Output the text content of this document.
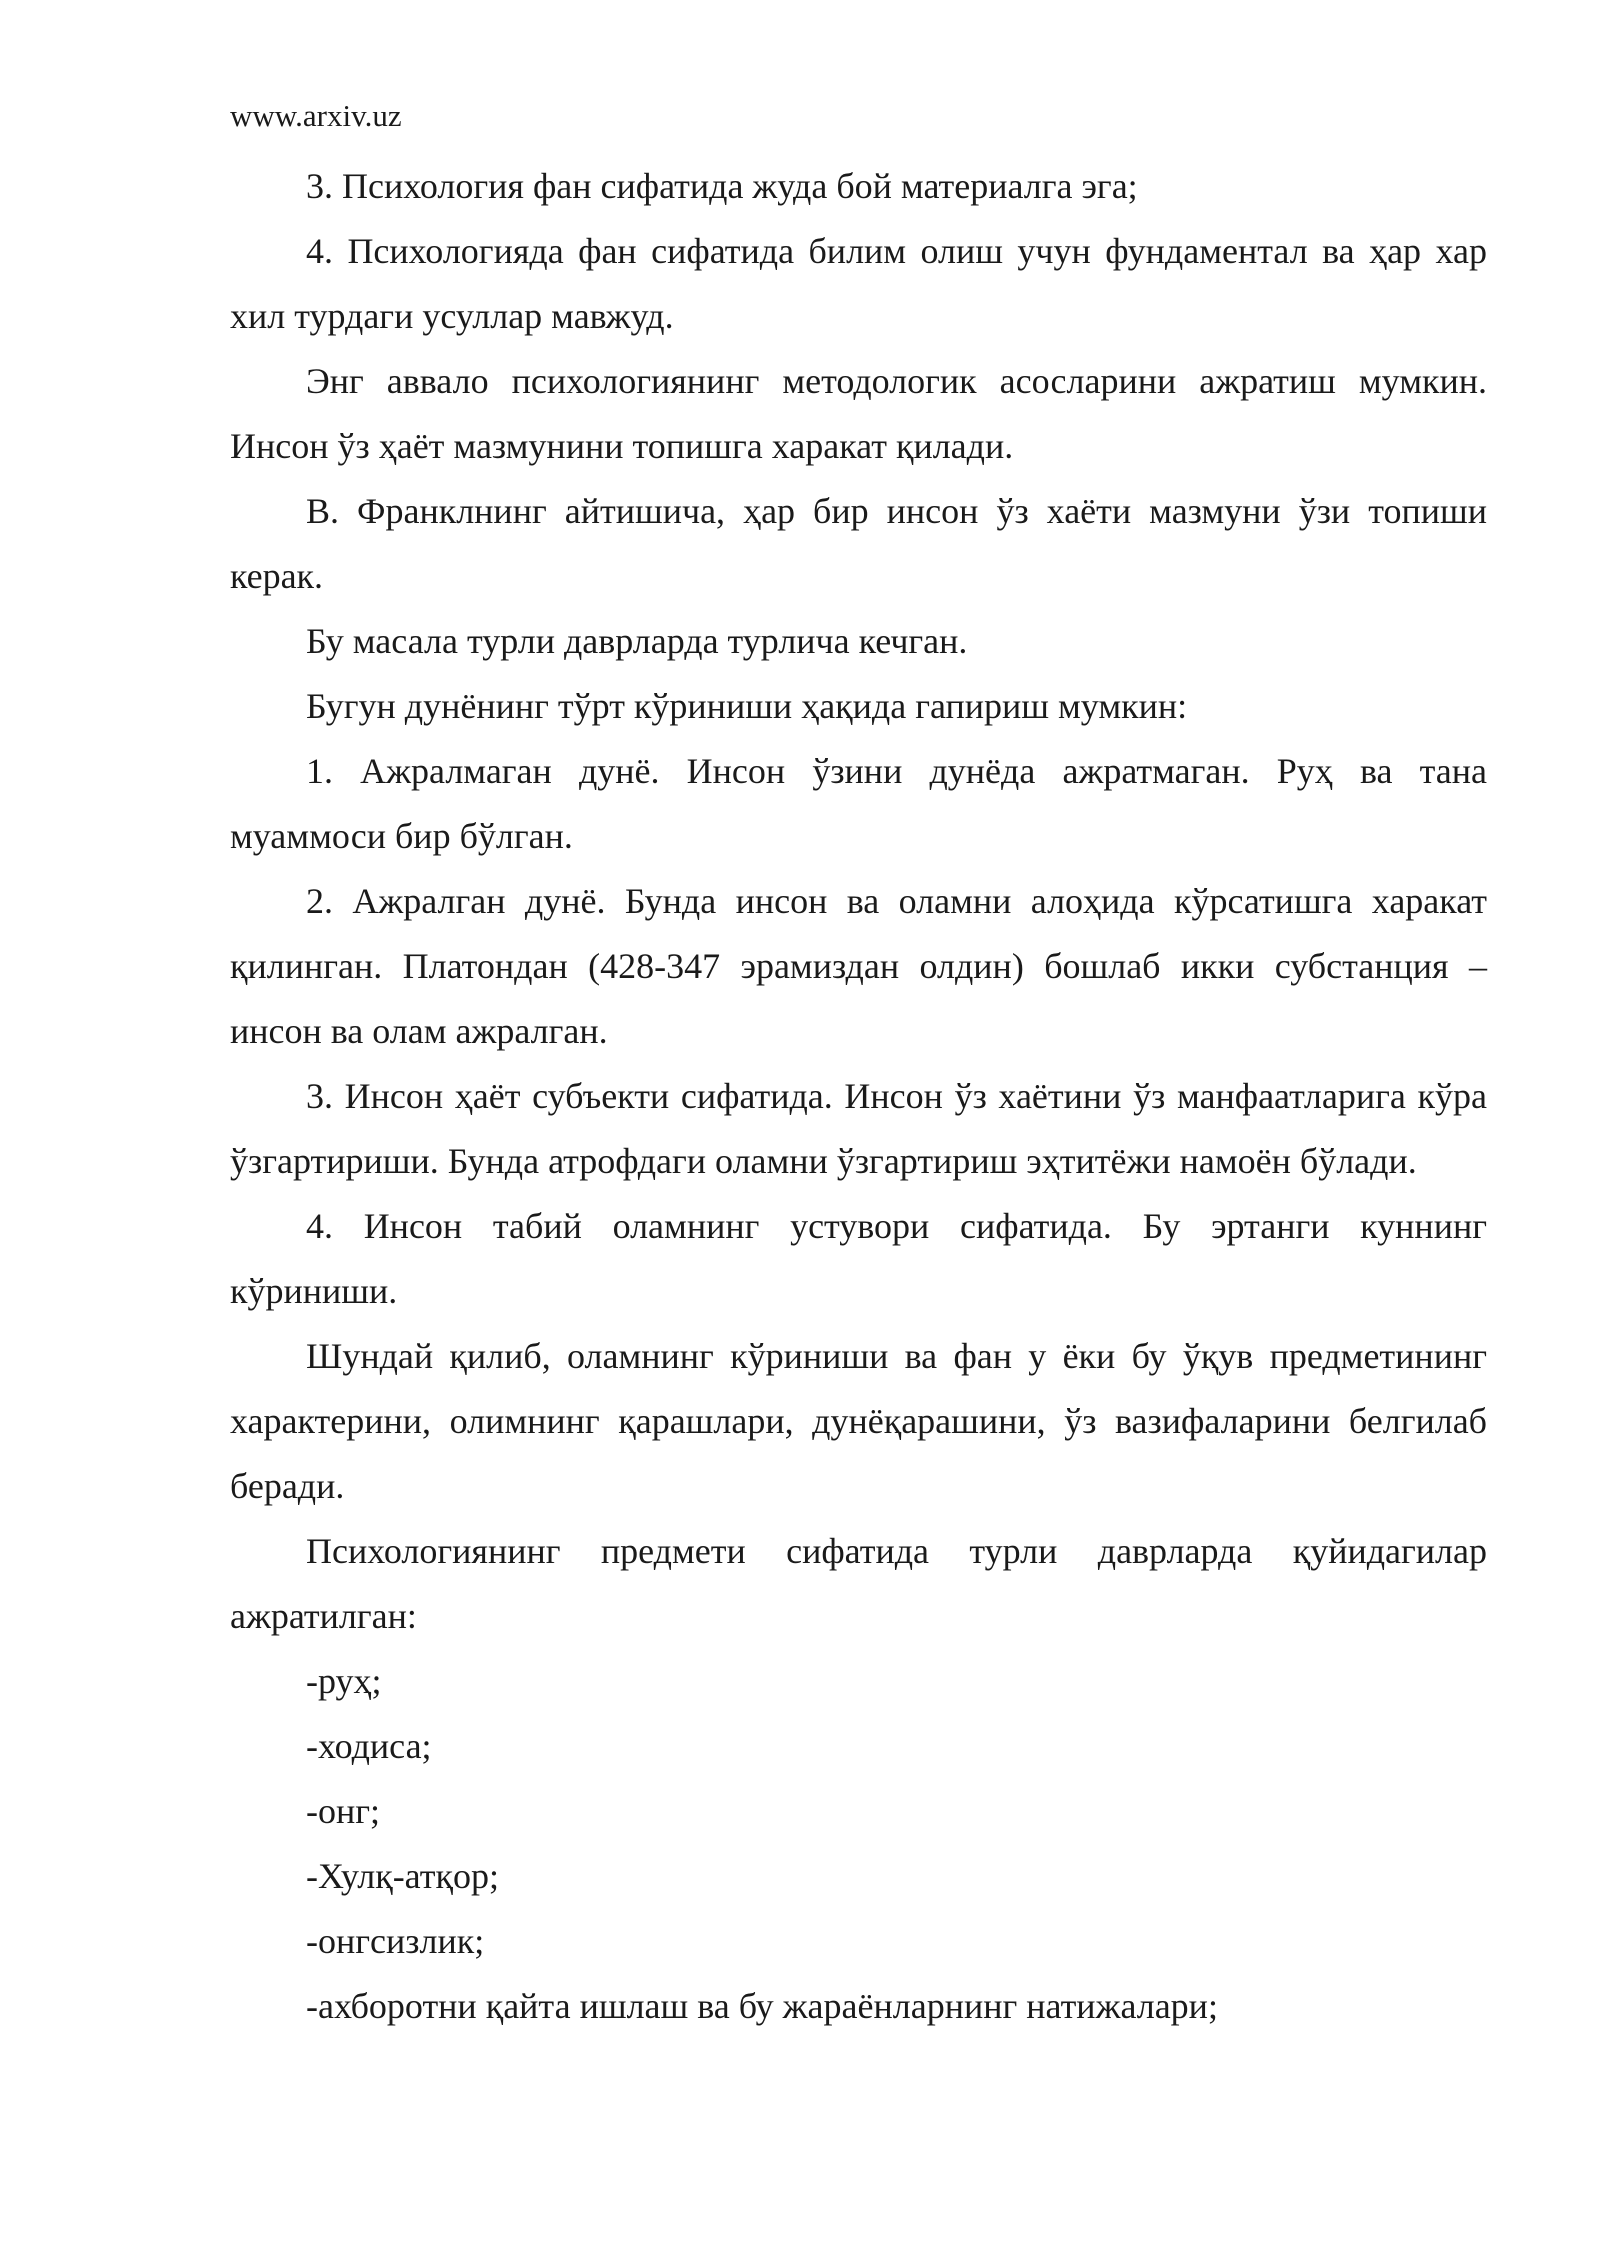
www.arxiv.uz

3. Психология фан сифатида жуда бой материалга эга;

4. Психологияда фан сифатида билим олиш учун фундаментал ва ҳар хар хил турдаги усуллар мавжуд.

Энг аввало психологиянинг методологик асосларини ажратиш мумкин. Инсон ўз ҳаёт мазмунини топишга харакат қилади.

В. Франклнинг айтишича, ҳар бир инсон ўз хаёти мазмуни ўзи топиши керак.

Бу масала турли даврларда турлича кечган.

Бугун дунёнинг тўрт кўриниши ҳақида гапириш мумкин:

1. Ажралмаган дунё. Инсон ўзини дунёда ажратмаган. Руҳ ва тана муаммоси бир бўлган.

2. Ажралган дунё. Бунда инсон ва оламни алоҳида кўрсатишга харакат қилинган. Платондан (428-347 эрамиздан олдин) бошлаб икки субстанция – инсон ва олам ажралган.

3. Инсон ҳаёт субъекти сифатида. Инсон ўз хаётини ўз манфаатларига кўра ўзгартириши. Бунда атрофдаги оламни ўзгартириш эҳтитёжи намоён бўлади.

4. Инсон табий оламнинг устувори сифатида. Бу эртанги куннинг кўриниши.

Шундай қилиб, оламнинг кўриниши ва фан у ёки бу ўқув предметининг характерини, олимнинг қарашлари, дунёқарашини, ўз вазифаларини белгилаб беради.

Психологиянинг предмети сифатида турли даврларда қуйидагилар ажратилган:

-руҳ;

-ходиса;

-онг;

-Хулқ-атқор;

-онгсизлик;

-ахборотни қайта ишлаш ва бу жараёнларнинг натижалари;
